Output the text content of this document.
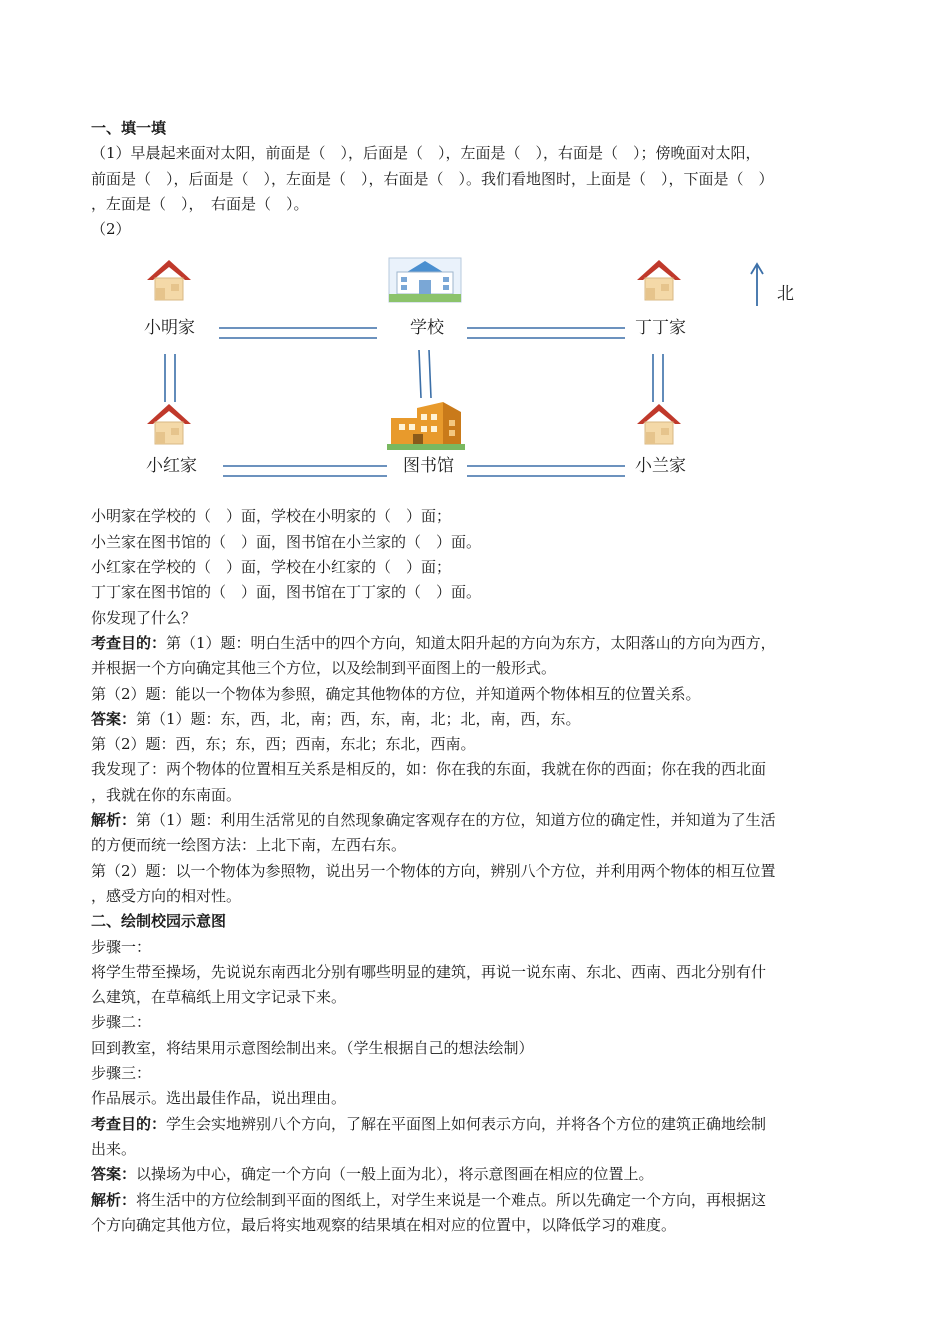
一、填一填
（1）早晨起来面对太阳，前面是（　），后面是（　），左面是（　），右面是（　）；傍晚面对太阳，
前面是（　），后面是（　），左面是（　），右面是（　）。我们看地图时，上面是（　），下面是（　）
，左面是（　），　右面是（　）。
（2）
小明家	学校	丁丁家
小红家	图书馆	小兰家
北
小明家在学校的（　）面，学校在小明家的（　）面；
小兰家在图书馆的（　）面，图书馆在小兰家的（　）面。
小红家在学校的（　）面，学校在小红家的（　）面；
丁丁家在图书馆的（　）面，图书馆在丁丁家的（　）面。
你发现了什么？
考查目的：第（1）题：明白生活中的四个方向，知道太阳升起的方向为东方，太阳落山的方向为西方，
并根据一个方向确定其他三个方位，以及绘制到平面图上的一般形式。
第（2）题：能以一个物体为参照，确定其他物体的方位，并知道两个物体相互的位置关系。
答案：第（1）题：东，西，北，南；西，东，南，北；北，南，西，东。
第（2）题：西，东；东，西；西南，东北；东北，西南。
我发现了：两个物体的位置相互关系是相反的，如：你在我的东面，我就在你的西面；你在我的西北面
，我就在你的东南面。
解析：第（1）题：利用生活常见的自然现象确定客观存在的方位，知道方位的确定性，并知道为了生活
的方便而统一绘图方法：上北下南，左西右东。
第（2）题：以一个物体为参照物，说出另一个物体的方向，辨别八个方位，并利用两个物体的相互位置
，感受方向的相对性。
二、绘制校园示意图
步骤一：
将学生带至操场，先说说东南西北分别有哪些明显的建筑，再说一说东南、东北、西南、西北分别有什
么建筑，在草稿纸上用文字记录下来。
步骤二：
回到教室，将结果用示意图绘制出来。（学生根据自己的想法绘制）
步骤三：
作品展示。选出最佳作品，说出理由。
考查目的：学生会实地辨别八个方向，了解在平面图上如何表示方向，并将各个方位的建筑正确地绘制
出来。
答案：以操场为中心，确定一个方向（一般上面为北），将示意图画在相应的位置上。
解析：将生活中的方位绘制到平面的图纸上，对学生来说是一个难点。所以先确定一个方向，再根据这
个方向确定其他方位，最后将实地观察的结果填在相对应的位置中，以降低学习的难度。
